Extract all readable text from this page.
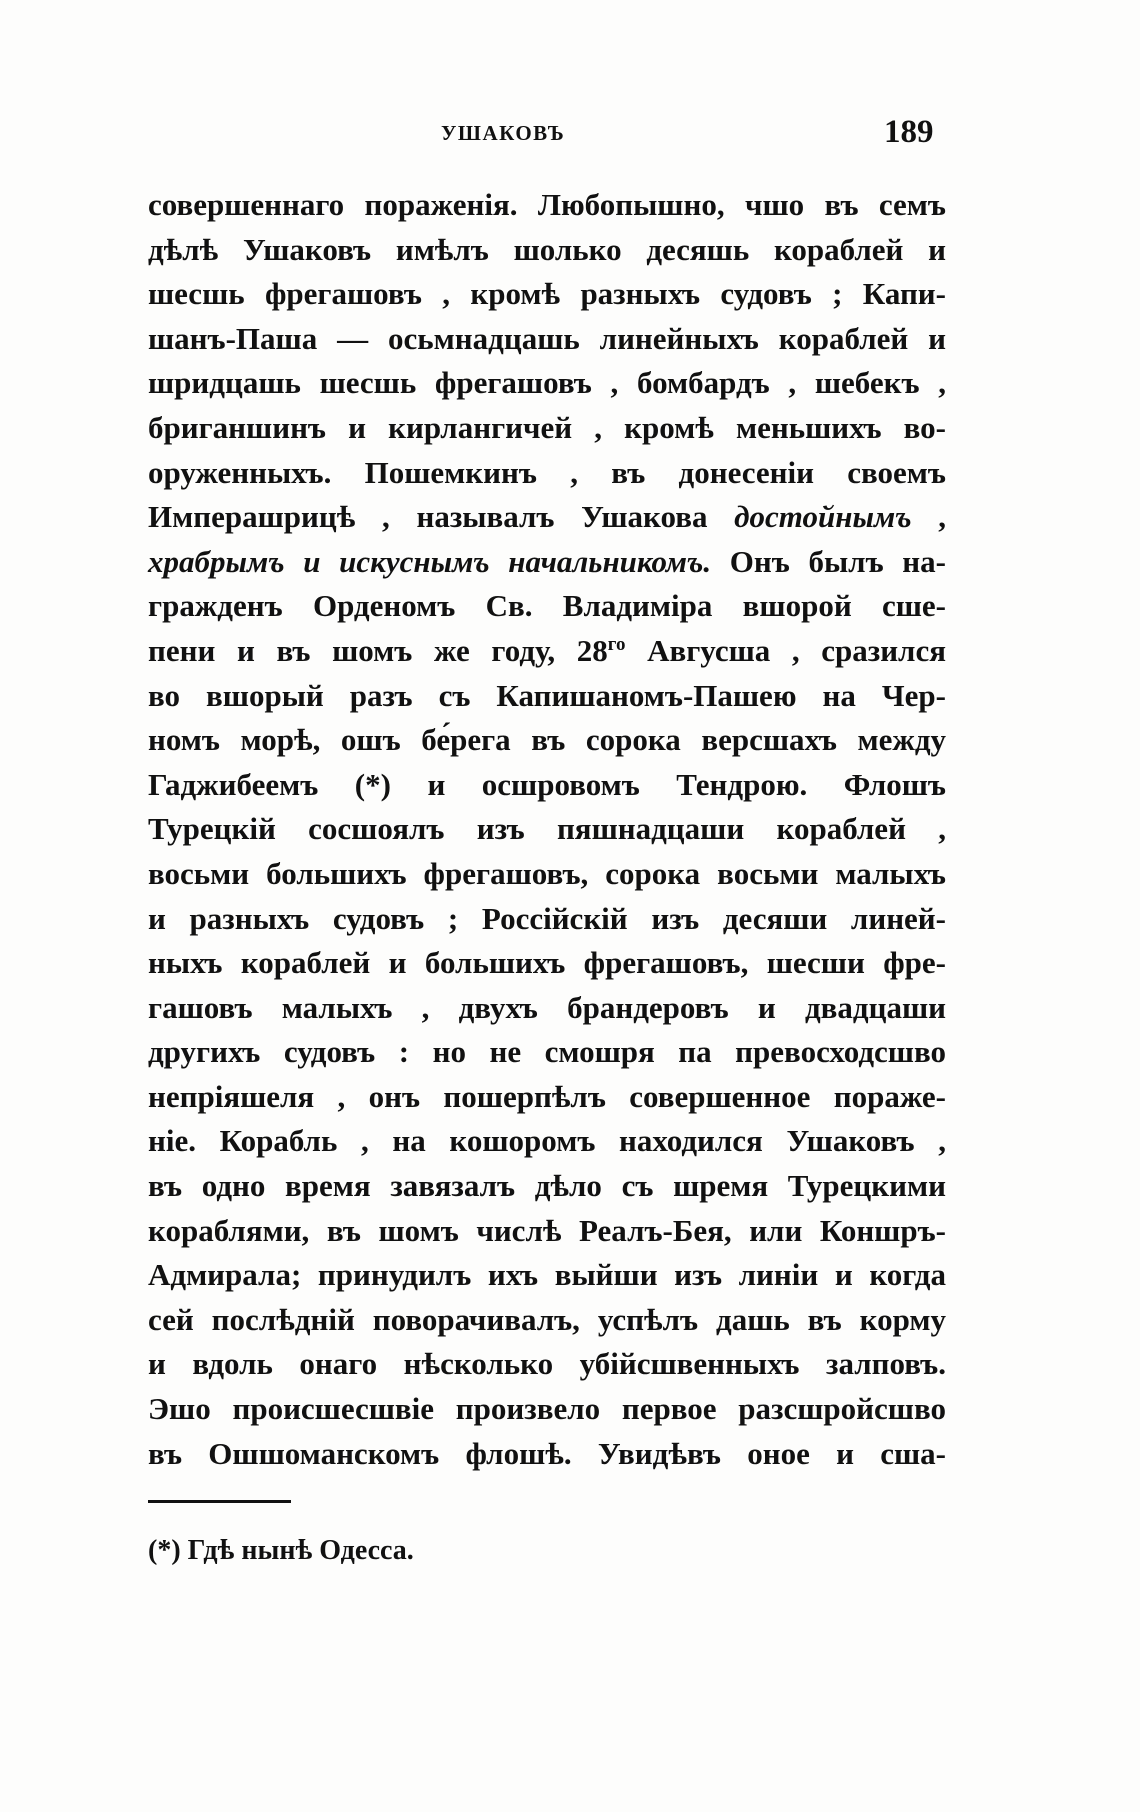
УШАКОВЪ	189
совершеннаго пораженія. Любопышно, чшо въ семъ
дѣлѣ Ушаковъ имѣлъ шолько десяшь кораблей и
шесшь фрегашовъ , кромѣ разныхъ судовъ ; Капи-
шанъ-Паша — осьмнадцашь линейныхъ кораблей и
шридцашь шесшь фрегашовъ , бомбардъ , шебекъ ,
бриганшинъ и кирлангичей , кромѣ меньшихъ во-
оруженныхъ. Пошемкинъ , въ донесеніи своемъ
Имперашрицѣ , называлъ Ушакова достойнымъ ,
храбрымъ и искуснымъ начальникомъ. Онъ былъ на-
гражденъ Орденомъ Св. Владиміра вшорой сше-
пени и въ шомъ же году, $28^{го}$ Авгусша , сразился
во вшорый разъ съ Капишаномъ-Пашею на Чер-
номъ морѣ, ошъ бе́рега въ сорока версшахъ между
Гаджибеемъ (*) и осшровомъ Тендрою. Флошъ
Турецкій сосшоялъ изъ пяшнадцаши кораблей ,
восьми большихъ фрегашовъ, сорока восьми малыхъ
и разныхъ судовъ ; Россійскій изъ десяши линей-
ныхъ кораблей и большихъ фрегашовъ, шесши фре-
гашовъ малыхъ , двухъ брандеровъ и двадцаши
другихъ судовъ : но не смошря па превосходсшво
непріяшеля , онъ пошерпѣлъ совершенное пораже-
ніе. Корабль , на кошоромъ находился Ушаковъ ,
въ одно время завязалъ дѣло съ шремя Турецкими
кораблями, въ шомъ числѣ Реалъ-Бея, или Коншръ-
Адмирала; принудилъ ихъ выйши изъ линіи и когда
сей послѣдній поворачивалъ, успѣлъ дашь въ корму
и вдоль онаго нѣсколько убійсшвенныхъ залповъ.
Эшо происшесшвіе произвело первое разсшройсшво
въ Ошшоманскомъ флошѣ. Увидѣвъ оное и сша-
(*) Гдѣ нынѣ Одесса.
